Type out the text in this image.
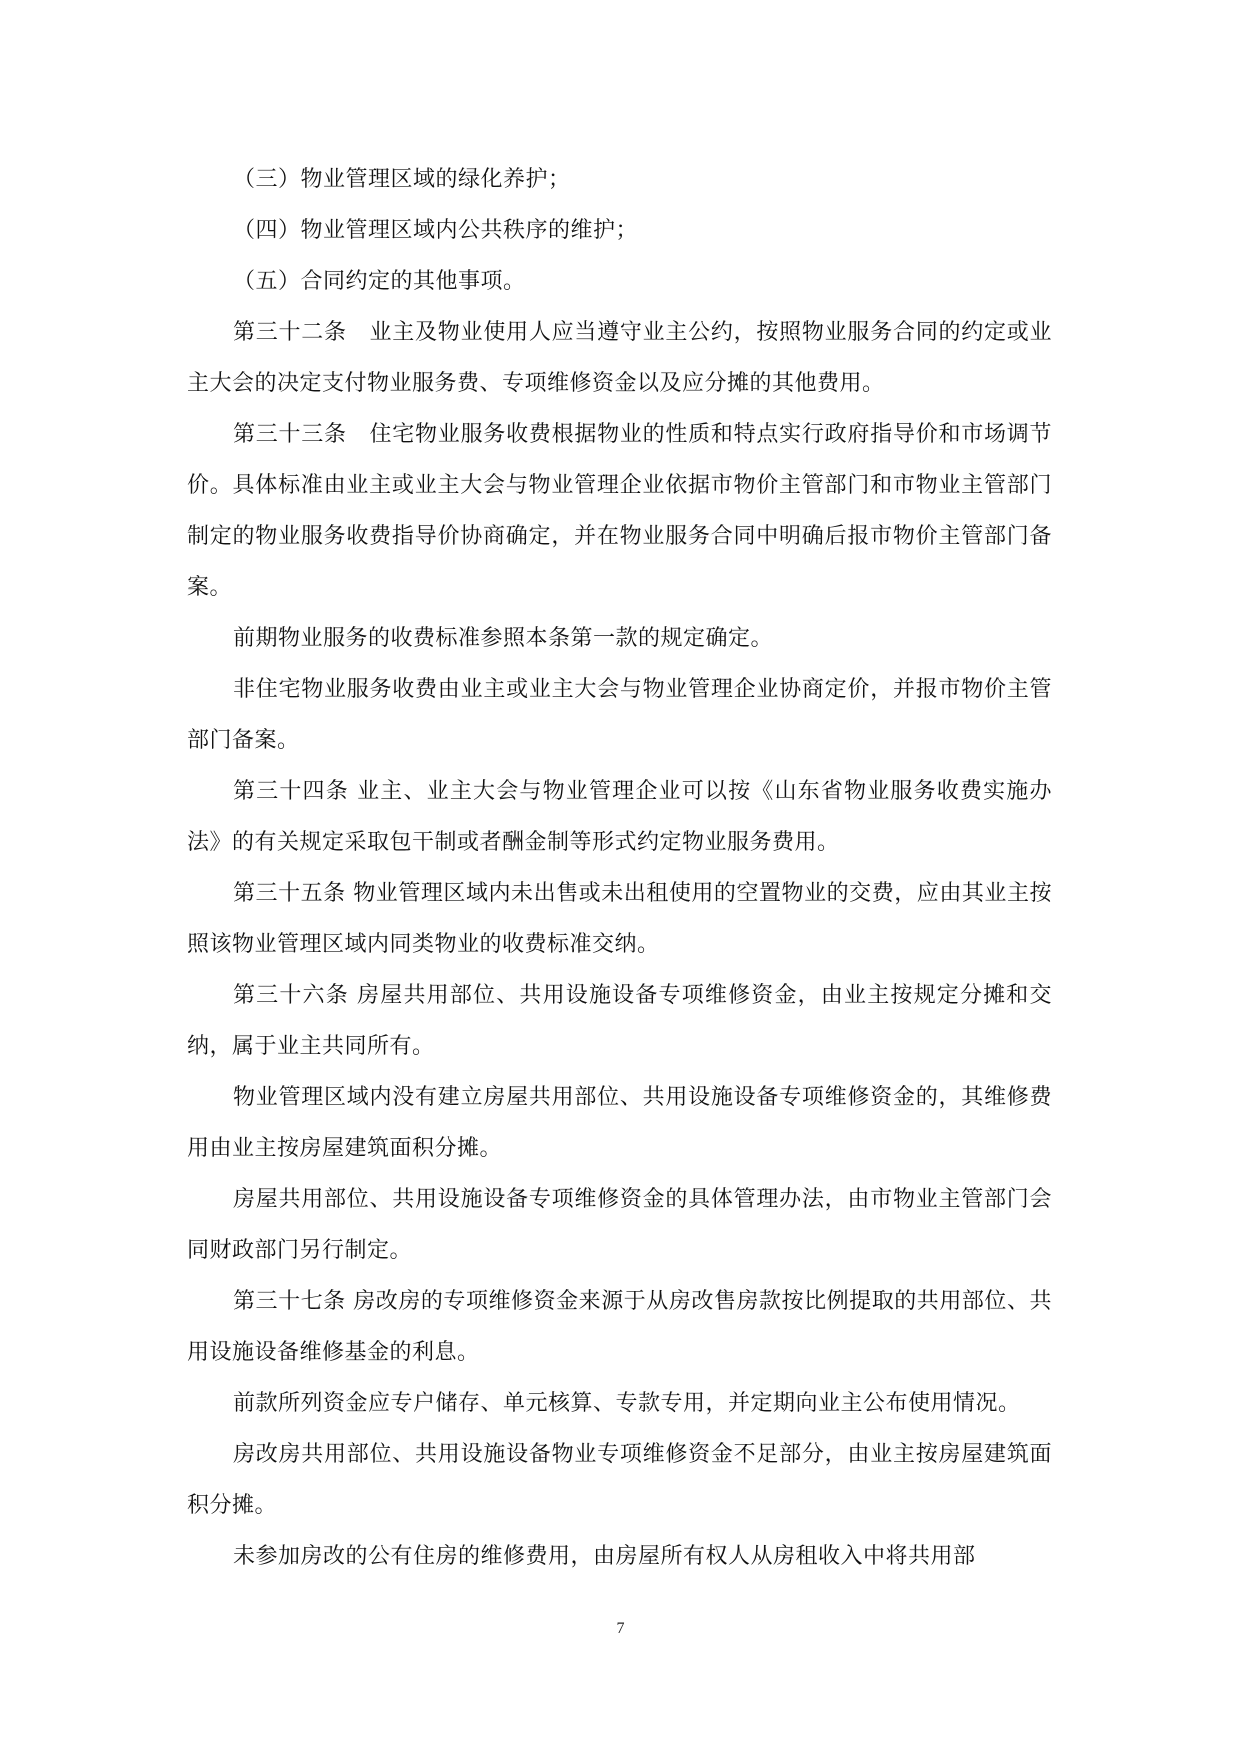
（三）物业管理区域的绿化养护；

（四）物业管理区域内公共秩序的维护；

（五）合同约定的其他事项。

第三十二条　业主及物业使用人应当遵守业主公约，按照物业服务合同的约定或业主大会的决定支付物业服务费、专项维修资金以及应分摊的其他费用。

第三十三条　住宅物业服务收费根据物业的性质和特点实行政府指导价和市场调节价。具体标准由业主或业主大会与物业管理企业依据市物价主管部门和市物业主管部门制定的物业服务收费指导价协商确定，并在物业服务合同中明确后报市物价主管部门备案。

前期物业服务的收费标准参照本条第一款的规定确定。

非住宅物业服务收费由业主或业主大会与物业管理企业协商定价，并报市物价主管部门备案。

第三十四条 业主、业主大会与物业管理企业可以按《山东省物业服务收费实施办法》的有关规定采取包干制或者酬金制等形式约定物业服务费用。

第三十五条 物业管理区域内未出售或未出租使用的空置物业的交费，应由其业主按照该物业管理区域内同类物业的收费标准交纳。

第三十六条 房屋共用部位、共用设施设备专项维修资金，由业主按规定分摊和交纳，属于业主共同所有。

物业管理区域内没有建立房屋共用部位、共用设施设备专项维修资金的，其维修费用由业主按房屋建筑面积分摊。

房屋共用部位、共用设施设备专项维修资金的具体管理办法，由市物业主管部门会同财政部门另行制定。

第三十七条 房改房的专项维修资金来源于从房改售房款按比例提取的共用部位、共用设施设备维修基金的利息。

前款所列资金应专户储存、单元核算、专款专用，并定期向业主公布使用情况。

房改房共用部位、共用设施设备物业专项维修资金不足部分，由业主按房屋建筑面积分摊。

未参加房改的公有住房的维修费用，由房屋所有权人从房租收入中将共用部

7
